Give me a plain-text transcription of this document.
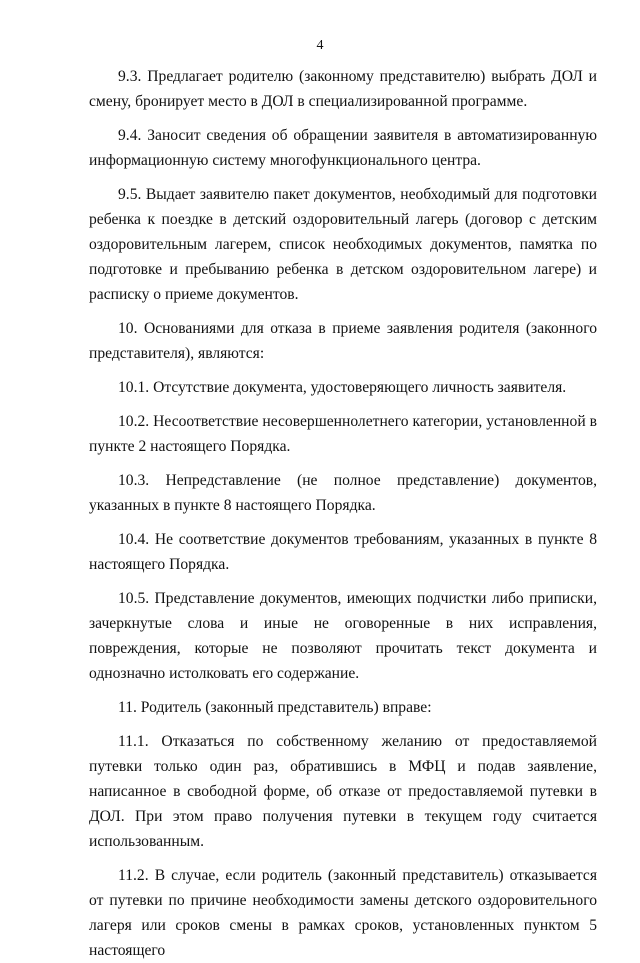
4

9.3. Предлагает родителю (законному представителю) выбрать ДОЛ и смену, бронирует место в ДОЛ в специализированной программе.

9.4. Заносит сведения об обращении заявителя в автоматизированную информационную систему многофункционального центра.

9.5. Выдает заявителю пакет документов, необходимый для подготовки ребенка к поездке в детский оздоровительный лагерь (договор с детским оздоровительным лагерем, список необходимых документов, памятка по подготовке и пребыванию ребенка в детском оздоровительном лагере) и расписку о приеме документов.

10. Основаниями для отказа в приеме заявления родителя (законного представителя), являются:

10.1. Отсутствие документа, удостоверяющего личность заявителя.

10.2. Несоответствие несовершеннолетнего категории, установленной в пункте 2 настоящего Порядка.

10.3. Непредставление (не полное представление) документов, указанных в пункте 8 настоящего Порядка.

10.4. Не соответствие документов требованиям, указанных в пункте 8 настоящего Порядка.

10.5. Представление документов, имеющих подчистки либо приписки, зачеркнутые слова и иные не оговоренные в них исправления, повреждения, которые не позволяют прочитать текст документа и однозначно истолковать его содержание.

11. Родитель (законный представитель) вправе:

11.1. Отказаться по собственному желанию от предоставляемой путевки только один раз, обратившись в МФЦ и подав заявление, написанное в свободной форме, об отказе от предоставляемой путевки в ДОЛ. При этом право получения путевки в текущем году считается использованным.

11.2. В случае, если родитель (законный представитель) отказывается от путевки по причине необходимости замены детского оздоровительного лагеря или сроков смены в рамках сроков, установленных пунктом 5 настоящего
